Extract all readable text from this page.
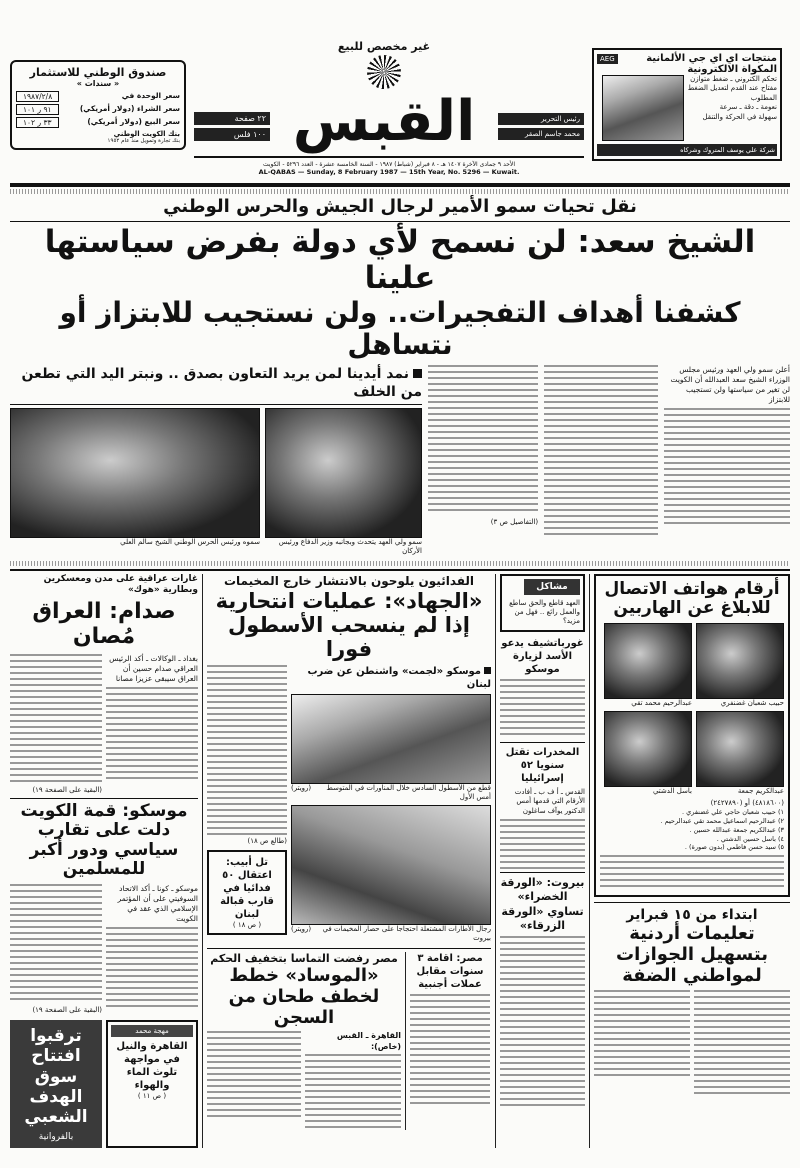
صندوق الوطني للاستثمار
« سندات »
سعر الوحدة في
١٩٨٧/٢/٨
سعر الشراء (دولار أمريكي)
٩١ ر ١٠١
سعر البيع (دولار أمريكي)
٣٣ ر ١٠٢
بنك الكويت الوطني
بنك تجارة وتمويل منذ عام ١٩٥٢
٢٢ صفحة
١٠٠ فلس
غير مخصص للبيع
القبس	رئيس التحرير
محمد جاسم الصقر
الأحد ٩ جمادى الآخرة ١٤٠٧ هـ - ٨ فبراير (شباط) ١٩٨٧ - السنة الخامسة عشرة - العدد ٥٢٩٦ - الكويت
AL-QABAS — Sunday, 8 February 1987 — 15th Year, No. 5296 — Kuwait.
منتجات اي اي جي الألمانية
AEG
المكواة الالكترونية
تحكم الكتروني ـ ضغط متوازن
مفتاح عند القدم لتعديل الضغط المطلوب
نعومة ـ دقة ـ سرعة
سهولة في الحركة والتنقل
شركة علي يوسف المتروك وشركاه
نقل تحيات سمو الأمير لرجال الجيش والحرس الوطني
الشيخ سعد: لن نسمح لأي دولة بفرض سياستها علينا
كشفنا أهداف التفجيرات.. ولن نستجيب للابتزاز أو نتساهل
نمد أيدينا لمن يريد التعاون بصدق .. ونبتر اليد التي تطعن من الخلف
سموه ورئيس الحرس الوطني الشيخ سالم العلي	سمو ولي العهد يتحدث وبجانبه وزير الدفاع ورئيس الأركان
(التفاصيل ص ٣)
أعلن سمو ولي العهد ورئيس مجلس الوزراء الشيخ سعد العبدالله أن الكويت لن تغير من سياستها ولن تستجيب للابتزاز
غارات عراقية على مدن ومعسكرين وبطارية «هوك»
صدام: العراق مُصان
(البقية على الصفحة ١٩)
بغداد ـ الوكالات ـ أكد الرئيس العراقي صدام حسين أن العراق سيبقى عزيزا مصانا
موسكو: قمة الكويت دلت على تقارب سياسي ودور أكبر للمسلمين
(البقية على الصفحة ١٩)
موسكو ـ كونا ـ أكد الاتحاد السوفيتي على أن المؤتمر الإسلامي الذي عقد في الكويت
ترقبوا افتتاح سوق الهدف الشعبي
بالفروانية
مهجة محمد
القاهرة والنيل في مواجهة تلوث الماء والهواء
( ص ١١ )
الفدائيون يلوحون بالانتشار خارج المخيمات
«الجهاد»: عمليات انتحارية
إذا لم ينسحب الأسطول فورا
(طالع ص ١٨)
تل أبيب: اعتقال ٥٠ فدائيا في قارب قبالة لبنان
( ص ١٨ )
موسكو «لجمت» واشنطن عن ضرب لبنان
(رويتر)	قطع من الأسطول السادس خلال المناورات في المتوسط أمس الأول
(رويتر)	رجال الأطارات المشتعلة احتجاجا على حصار المخيمات في بيروت
مصر رفضت التماسا بتخفيف الحكم
«الموساد» خطط لخطف طحان من السجن
القاهرة ـ القبس (خاص):
مصر: اقامة ٣ سنوات مقابل عملات أجنبية
مشاكل
العهد قاطع والحق ساطع والعمل رائع .. فهل من مزيد؟
غورباتشيف يدعو الأسد لزيارة موسكو
المخدرات تقتل سنويا ٥٢ إسرائيليا
القدس ـ أ ف ب ـ أفادت الأرقام التي قدمها أمس الدكتور يوآف ساغلون
بيروت: «الورقة الخضراء» تساوي «الورقة الزرقاء»
أرقام هواتف الاتصال للابلاغ عن الهاربين
حبيب شعبان غضنفري
عبدالرحيم محمد تقي
عبدالكريم جمعة
باسل الدشتي
(٤٨١٨٦٠٠) أو (٢٤٢٧٨٩٠)
١) حبيب شعبان حاجي علي غضنفري .
٢) عبدالرحيم اسماعيل محمد تقي عبدالرحيم .
٣) عبدالكريم جمعة عبدالله حسين .
٤) باسل حسين الدشتي .
٥) سيد حسن فاطمي (بدون صورة) .
ابتداء من ١٥ فبراير
تعليمات أردنية بتسهيل الجوازات لمواطني الضفة
